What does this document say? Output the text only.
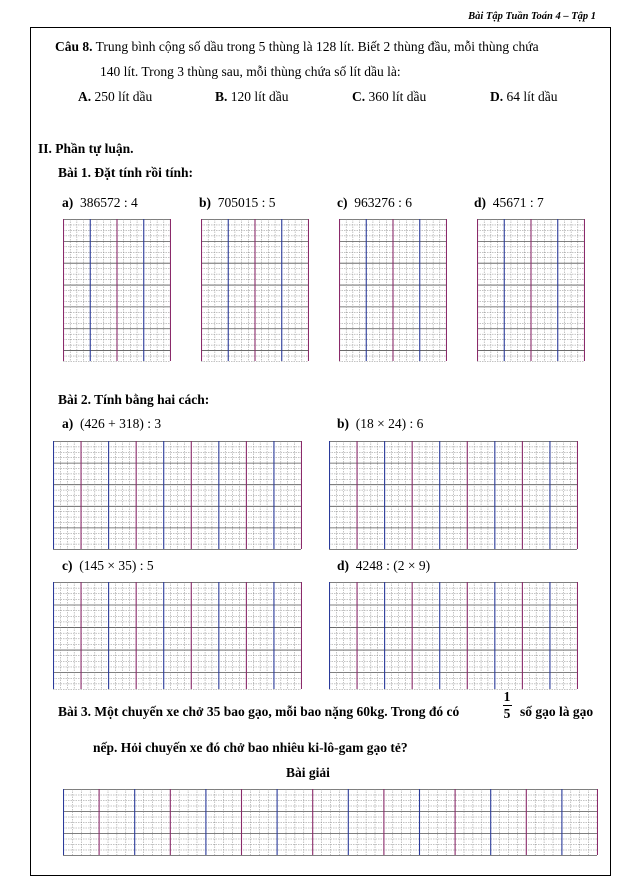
Bài Tập Tuần Toán 4 – Tập 1
Câu 8. Trung bình cộng số dầu trong 5 thùng là 128 lít. Biết 2 thùng đầu, mỗi thùng chứa
140 lít. Trong 3 thùng sau, mỗi thùng chứa số lít dầu là:
A. 250 lít dầu	B. 120 lít dầu	C. 360 lít dầu	D. 64 lít dầu
II. Phần tự luận.
Bài 1. Đặt tính rồi tính:
a) 386572 : 4	b) 705015 : 5	c) 963276 : 6	d) 45671 : 7
Bài 2. Tính bằng hai cách:
a) (426 + 318) : 3	b) (18 × 24) : 6
c) (145 × 35) : 5	d) 4248 : (2 × 9)
Bài 3. Một chuyến xe chở 35 bao gạo, mỗi bao nặng 60kg. Trong đó có
1
5 số gạo là gạo
nếp. Hỏi chuyến xe đó chở bao nhiêu ki-lô-gam gạo tẻ?
Bài giải
